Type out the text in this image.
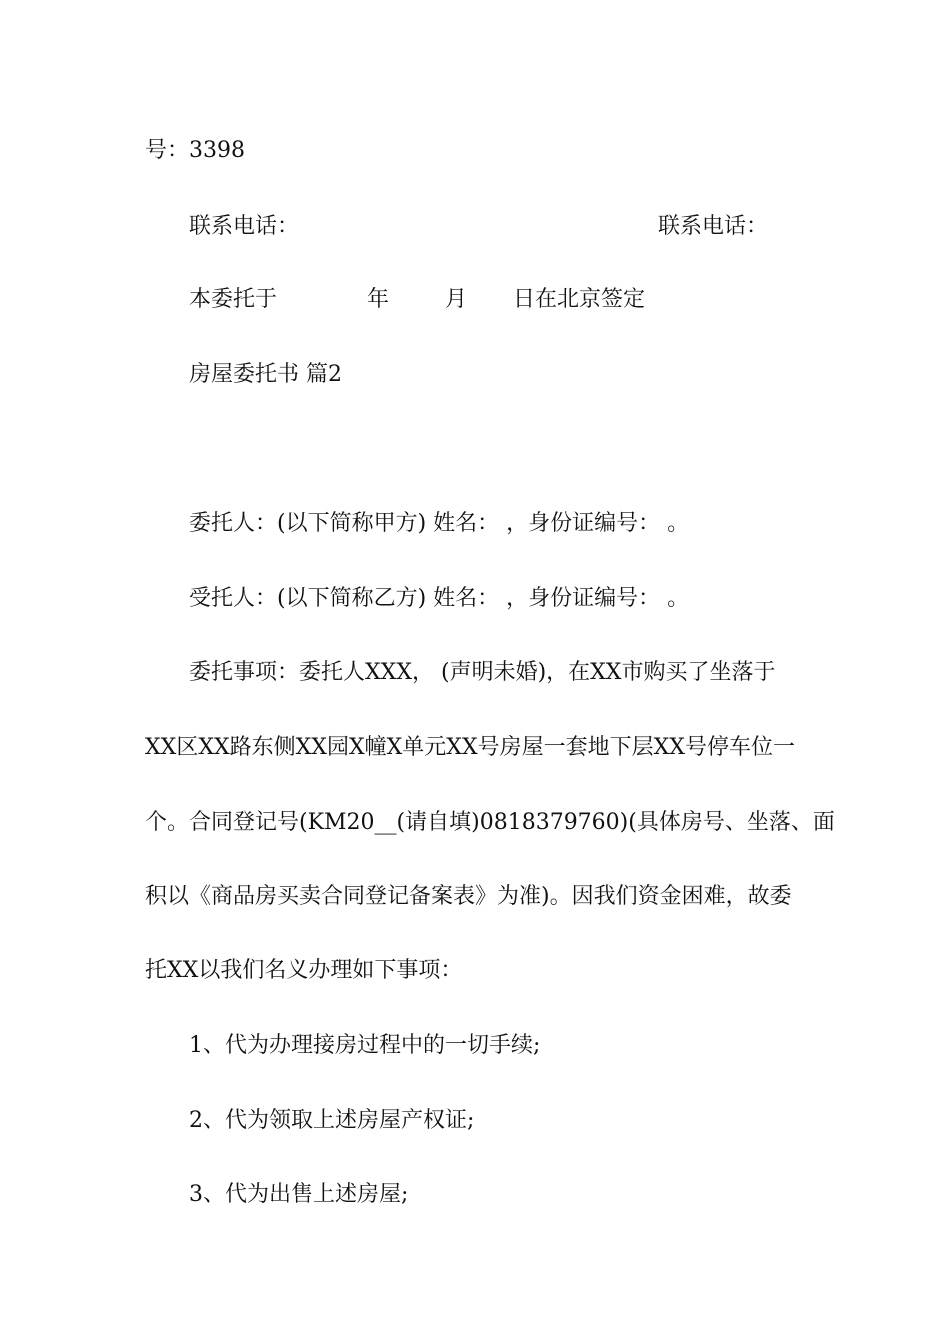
号：3398
联系电话：	联系电话：
本委托于	年	月 日在北京签定
房屋委托书 篇2
委托人：(以下简称甲方) 姓名： ，身份证编号： 。
受托人：(以下简称乙方) 姓名： ，身份证编号： 。
委托事项：委托人XXX， (声明未婚)，在XX市购买了坐落于
XX区XX路东侧XX园X幢X单元XX号房屋一套地下层XX号停车位一
个。合同登记号(KM20__(请自填)0818379760)(具体房号、坐落、面
积以《商品房买卖合同登记备案表》为准)。因我们资金困难，故委
托XX以我们名义办理如下事项：
1、代为办理接房过程中的一切手续;
2、代为领取上述房屋产权证;
3、代为出售上述房屋;
